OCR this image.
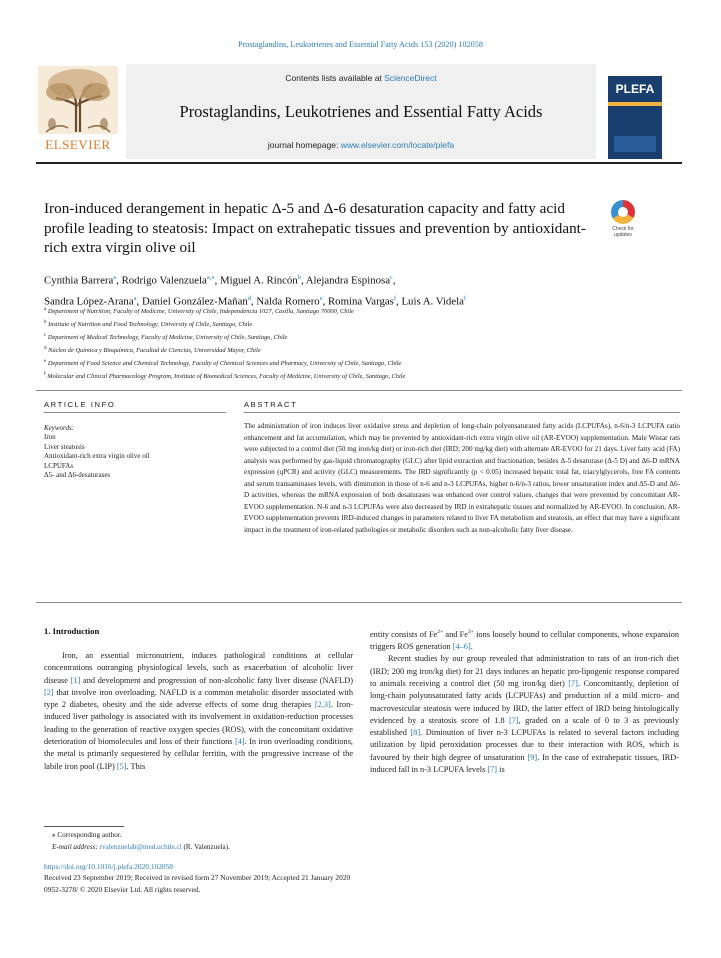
Prostaglandins, Leukotrienes and Essential Fatty Acids 153 (2020) 102058
ELSEVIER
Contents lists available at ScienceDirect
Prostaglandins, Leukotrienes and Essential Fatty Acids
journal homepage: www.elsevier.com/locate/plefa
PLEFA
Iron-induced derangement in hepatic Δ-5 and Δ-6 desaturation capacity and fatty acid profile leading to steatosis: Impact on extrahepatic tissues and prevention by antioxidant-rich extra virgin olive oil
Check for updates
Cynthia Barrera$^a$, Rodrigo Valenzuela$^{a,⁎}$, Miguel A. Rincón$^b$, Alejandra Espinosa$^c$,
Sandra López-Arana$^a$, Daniel González-Mañan$^d$, Nalda Romero$^e$, Romina Vargas$^f$, Luis A. Videla$^f$
$^a$ Department of Nutrition, Faculty of Medicine, University of Chile, Independencia 1027, Casilla, Santiago 70000, Chile
$^b$ Institute of Nutrition and Food Technology, University of Chile, Santiago, Chile
$^c$ Department of Medical Technology, Faculty of Medicine, University of Chile, Santiago, Chile
$^d$ Núcleo de Química y Bioquímica, Facultad de Ciencias, Universidad Mayor, Chile
$^e$ Department of Food Science and Chemical Technology, Faculty of Chemical Sciences and Pharmacy, University of Chile, Santiago, Chile
$^f$ Molecular and Clinical Pharmacology Program, Institute of Biomedical Sciences, Faculty of Medicine, University of Chile, Santiago, Chile
ARTICLE INFO
Keywords:
Iron
Liver steatosis
Antioxidant-rich extra virgin olive oil
LCPUFAs
Δ5- and Δ6-desaturases
ABSTRACT
The administration of iron induces liver oxidative stress and depletion of long-chain polyunsaturated fatty acids (LCPUFAs), n-6/n-3 LCPUFA ratio enhancement and fat accumulation, which may be prevented by antioxidant-rich extra virgin olive oil (AR-EVOO) supplementation. Male Wistar rats were subjected to a control diet (50 mg iron/kg diet) or iron-rich diet (IRD; 200 mg/kg diet) with alternate AR-EVOO for 21 days. Liver fatty acid (FA) analysis was performed by gas-liquid chromatography (GLC) after lipid extraction and fractionation, besides Δ-5 desaturase (Δ-5 D) and Δ6-D mRNA expression (qPCR) and activity (GLC) measurements. The IRD significantly (p < 0.05) increased hepatic total fat, triacylglycerols, free FA contents and serum transaminases levels, with diminution in those of n-6 and n-3 LCPUFAs, higher n-6/n-3 ratios, lower unsaturation index and Δ5-D and Δ6-D activities, whereas the mRNA expression of both desaturases was enhanced over control values, changes that were prevented by concomitant AR-EVOO supplementation. N-6 and n-3 LCPUFAs were also decreased by IRD in extrahepatic tissues and normalized by AR-EVOO. In conclusion, AR-EVOO supplementation prevents IRD-induced changes in parameters related to liver FA metabolism and steatosis, an effect that may have a significant impact in the treatment of iron-related pathologies or metabolic disorders such as non-alcoholic fatty liver disease.
1. Introduction
Iron, an essential micronutrient, induces pathological conditions at cellular concentrations outranging physiological levels, such as exacerbation of alcoholic liver disease [1] and development and progression of non-alcoholic fatty liver disease (NAFLD) [2] that involve iron overloading. NAFLD is a common metabolic disorder associated with type 2 diabetes, obesity and the side adverse effects of some drug therapies [2,3]. Iron-induced liver pathology is associated with its involvement in oxidation-reduction processes leading to the generation of reactive oxygen species (ROS), with the concomitant oxidative deterioration of biomolecules and loss of their functions [4]. In iron overloading conditions, the metal is primarily sequestered by cellular ferritin, with the progressive increase of the labile iron pool (LIP) [5]. This

entity consists of $Fe^{2+}$ and $Fe^{3+}$ ions loosely bound to cellular components, whose expansion triggers ROS generation [4–6].

Recent studies by our group revealed that administration to rats of an iron-rich diet (IRD; 200 mg iron/kg diet) for 21 days induces an hepatic pro-lipogenic response compared to animals receiving a control diet (50 mg iron/kg diet) [7]. Concomitantly, depletion of long-chain polyunsaturated fatty acids (LCPUFAs) and production of a mild micro- and macrovesicular steatosis were induced by IRD, the latter effect of IRD being histologically evidenced by a steatosis score of 1.8 [7], graded on a scale of 0 to 3 as previously established [8]. Diminution of liver n-3 LCPUFAs is related to several factors including utilization by lipid peroxidation processes due to their interaction with ROS, which is favoured by their high degree of unsaturation [9]. In the case of extrahepatic tissues, IRD-induced fall in n-3 LCPUFA levels [7] is

⁎ Corresponding author.
E-mail address: rvalenzuelab@med.uchile.cl (R. Valenzuela).
https://doi.org/10.1016/j.plefa.2020.102058
Received 23 September 2019; Received in revised form 27 November 2019; Accepted 21 January 2020
0952-3278/ © 2020 Elsevier Ltd. All rights reserved.
